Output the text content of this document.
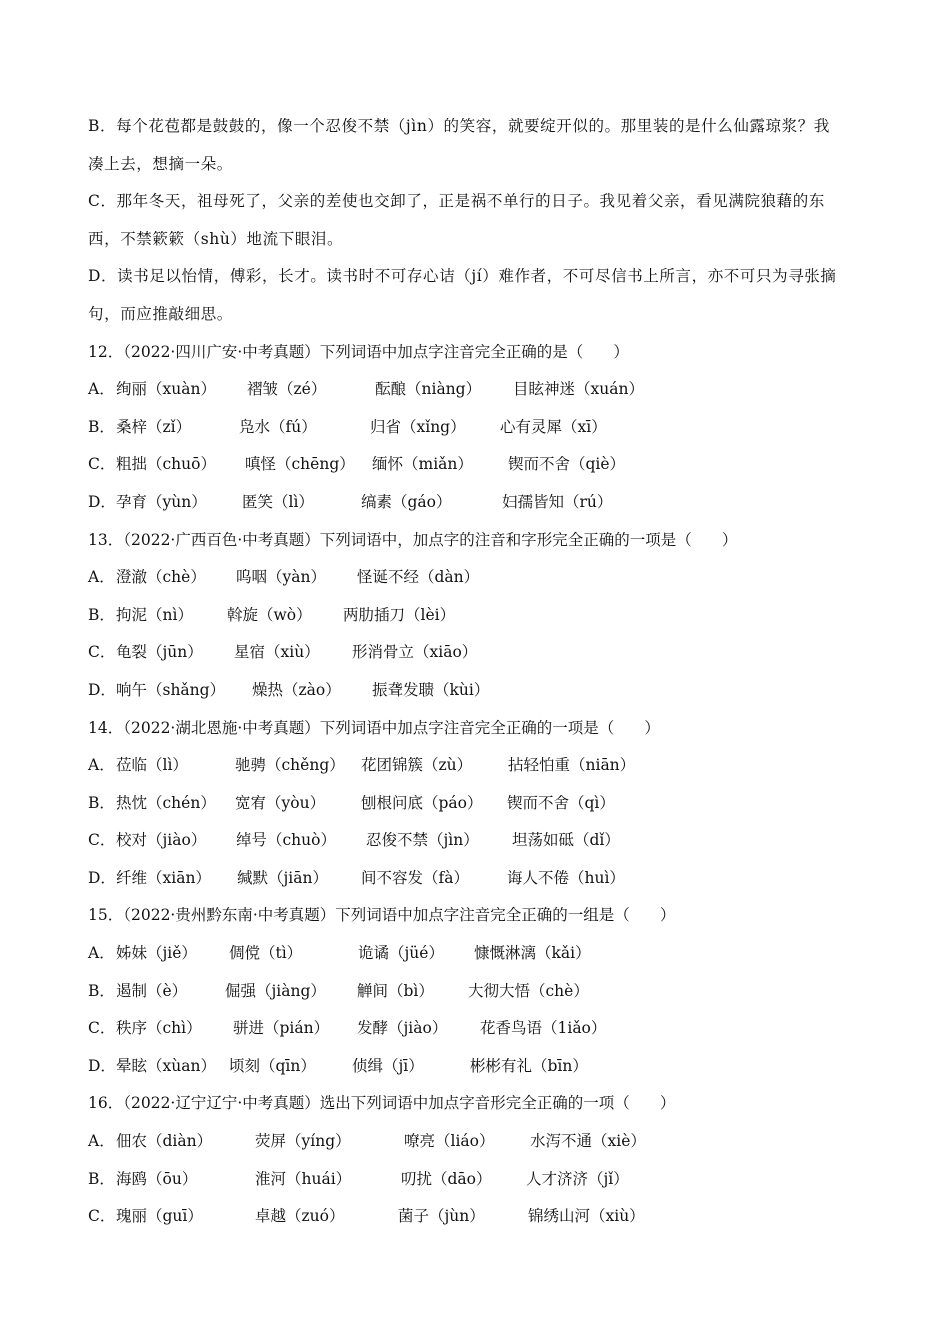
B．每个花苞都是鼓鼓的，像一个忍俊不禁（jìn）的笑容，就要绽开似的。那里装的是什么仙露琼浆？我
凑上去，想摘一朵。
C．那年冬天，祖母死了，父亲的差使也交卸了，正是祸不单行的日子。我见着父亲，看见满院狼藉的东
西，不禁簌簌（shù）地流下眼泪。
D．读书足以怡情，傅彩，长才。读书时不可存心诘（jí）难作者，不可尽信书上所言，亦不可只为寻张摘
句，而应推敲细思。
12．（2022·四川广安·中考真题）下列词语中加点字注音完全正确的是（ ）
A． 绚丽（xuàn）	褶皱（zé）	酝酿（niàng）	目眩神迷（xuán）
B． 桑梓（zǐ）	凫水（fú）	归省（xǐng）	心有灵犀（xī）
C． 粗拙（chuō）	嗔怪（chēng）	缅怀（miǎn）	锲而不舍（qiè）
D． 孕育（yùn）	匿笑（lì）	缟素（gáo）	妇孺皆知（rú）
13．（2022·广西百色·中考真题）下列词语中，加点字的注音和字形完全正确的一项是（ ）
A． 澄澈（chè）	呜咽（yàn）	怪诞不经（dàn）
B． 拘泥（nì）	斡旋（wò）	两肋插刀（lèi）
C． 龟裂（jūn）	星宿（xiù）	形消骨立（xiāo）
D． 响午（shǎng）	燥热（zào）	振聋发聩（kùi）
14．（2022·湖北恩施·中考真题）下列词语中加点字注音完全正确的一项是（ ）
A． 莅临（lì）	驰骋（chěng）	花团锦簇（zù）	拈轻怕重（niān）
B． 热忱（chén）	宽宥（yòu）	刨根问底（páo）	锲而不舍（qì）
C． 校对（jiào）	绰号（chuò）	忍俊不禁（jìn）	坦荡如砥（dǐ）
D． 纤维（xiān）	缄默（jiān）	间不容发（fà）	诲人不倦（huì）
15．（2022·贵州黔东南·中考真题）下列词语中加点字注音完全正确的一组是（ ）
A． 姊妹（jiě）	倜傥（tì）	诡谲（jüé）	慷慨淋漓（kǎi）
B． 遏制（è）	倔强（jiàng）	觯间（bì）	大彻大悟（chè）
C． 秩序（chì）	骈进（pián）	发酵（jiào）	花香鸟语（1iǎo）
D． 晕眩（xùan） 顷刻（qīn）	侦缉（jī）	彬彬有礼（bīn）
16．（2022·辽宁辽宁·中考真题）选出下列词语中加点字音形完全正确的一项（ ）
A． 佃农（diàn）	荧屏（yíng）	嘹亮（liáo）	水泻不通（xiè）
B． 海鸥（ōu）	淮河（huái）	叨扰（dāo）	人才济济（jǐ）
C． 瑰丽（guī）	卓越（zuó）	菌子（jùn）	锦绣山河（xiù）
